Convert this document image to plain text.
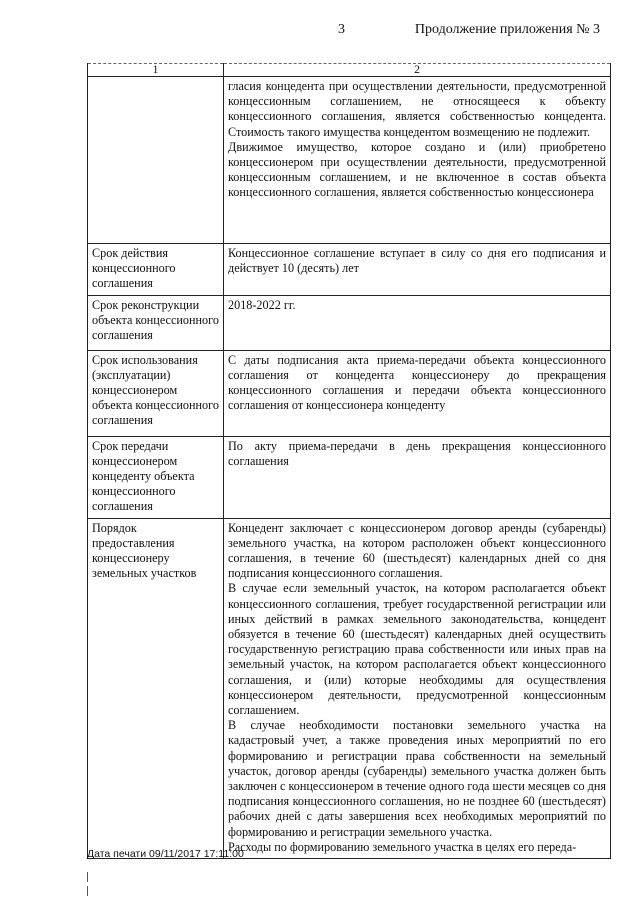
3	Продолжение приложения № 3
1	2

	гласия концедента при осуществлении деятельности, предусмотренной концессионным соглашением, не относящееся к объекту концессионного соглашения, является собственностью концедента. Стоимость такого имущества концедентом возмещению не подлежит.
Движимое имущество, которое создано и (или) приобретено концессионером при осуществлении деятельности, предусмотренной концессионным соглашением, и не включенное в состав объекта концессионного соглашения, является собственностью концессионера

Срок действия концессионного соглашения	Концессионное соглашение вступает в силу со дня его подписания и действует 10 (десять) лет

Срок реконструкции объекта концессионного соглашения	2018-2022 гг.

Срок использования (эксплуатации) концессионером объекта концессионного соглашения	С даты подписания акта приема-передачи объекта концессионного соглашения от концедента концессионеру до прекращения концессионного соглашения и передачи объекта концессионного соглашения от концессионера концеденту

Срок передачи концессионером концеденту объекта концессионного соглашения	По акту приема-передачи в день прекращения концессионного соглашения

Порядок предоставления концессионеру земельных участков	Концедент заключает с концессионером договор аренды (субаренды) земельного участка, на котором расположен объект концессионного соглашения, в течение 60 (шестьдесят) календарных дней со дня подписания концессионного соглашения.
В случае если земельный участок, на котором располагается объект концессионного соглашения, требует государственной регистрации или иных действий в рамках земельного законодательства, концедент обязуется в течение 60 (шестьдесят) календарных дней осуществить государственную регистрацию права собственности или иных прав на земельный участок, на котором располагается объект концессионного соглашения, и (или) которые необходимы для осуществления концессионером деятельности, предусмотренной концессионным соглашением.
В случае необходимости постановки земельного участка на кадастровый учет, а также проведения иных мероприятий по его формированию и регистрации права собственности на земельный участок, договор аренды (субаренды) земельного участка должен быть заключен с концессионером в течение одного года шести месяцев со дня подписания концессионного соглашения, но не позднее 60 (шестьдесят) рабочих дней с даты завершения всех необходимых мероприятий по формированию и регистрации земельного участка.
Расходы по формированию земельного участка в целях его переда-
Дата печати 09/11/2017 17:11:00
